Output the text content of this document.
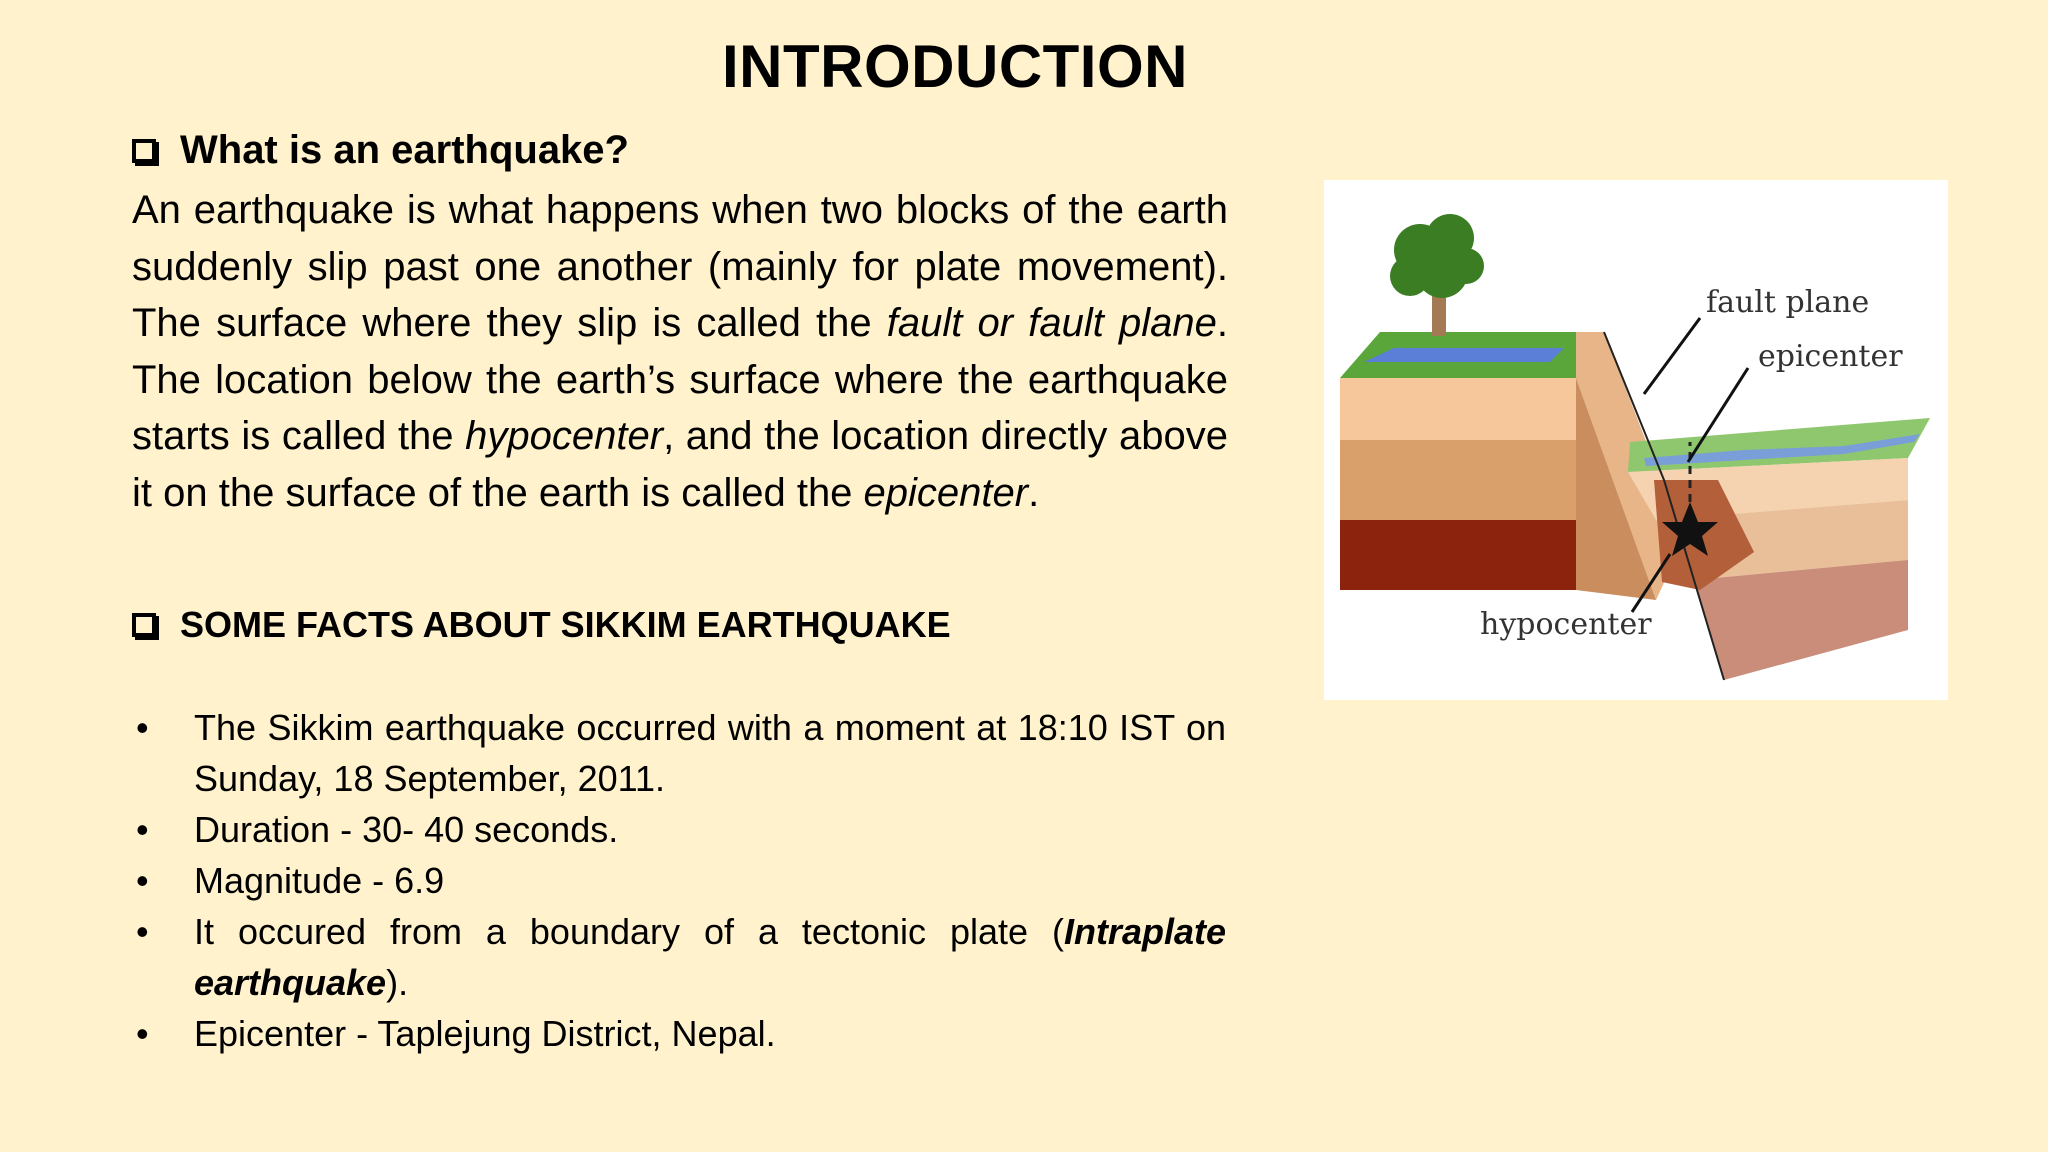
INTRODUCTION
What is an earthquake?
An earthquake is what happens when two blocks of the earth suddenly slip past one another (mainly for plate movement). The surface where they slip is called the fault or fault plane. The location below the earth’s surface where the earthquake starts is called the hypocenter, and the location directly above it on the surface of the earth is called the epicenter.
SOME FACTS ABOUT SIKKIM EARTHQUAKE
• The Sikkim earthquake occurred with a moment at 18:10 IST on Sunday, 18 September, 2011.
• Duration - 30- 40 seconds.
• Magnitude - 6.9
• It occured from a boundary of a tectonic plate (Intraplate earthquake).
• Epicenter - Taplejung District, Nepal.
fault plane
epicenter
hypocenter
